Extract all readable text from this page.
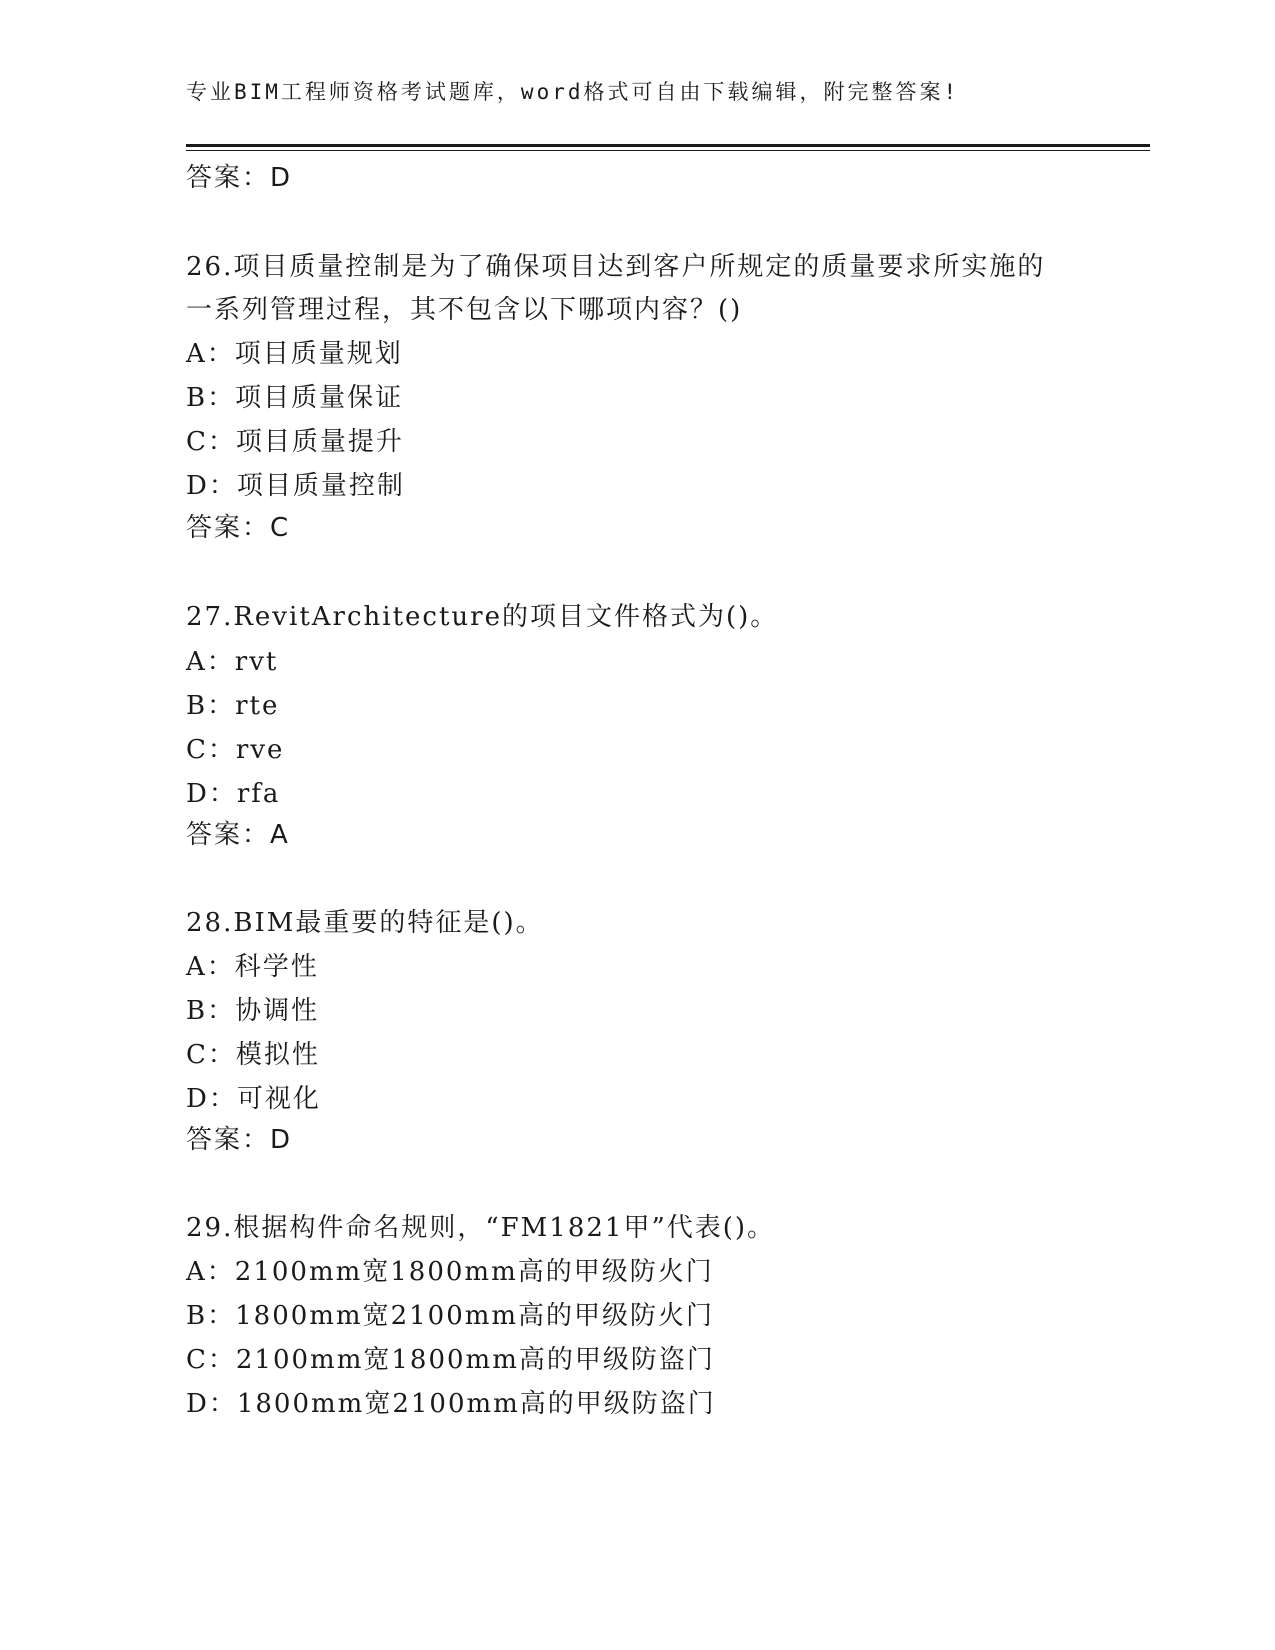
专业BIM工程师资格考试题库，word格式可自由下载编辑，附完整答案!
答案：D
26.项目质量控制是为了确保项目达到客户所规定的质量要求所实施的
一系列管理过程，其不包含以下哪项内容？()
A：项目质量规划
B：项目质量保证
C：项目质量提升
D：项目质量控制
答案：C
27.RevitArchitecture的项目文件格式为()。
A：rvt
B：rte
C：rve
D：rfa
答案：A
28.BIM最重要的特征是()。
A：科学性
B：协调性
C：模拟性
D：可视化
答案：D
29.根据构件命名规则，“FM1821甲”代表()。
A：2100mm宽1800mm高的甲级防火门
B：1800mm宽2100mm高的甲级防火门
C：2100mm宽1800mm高的甲级防盗门
D：1800mm宽2100mm高的甲级防盗门
